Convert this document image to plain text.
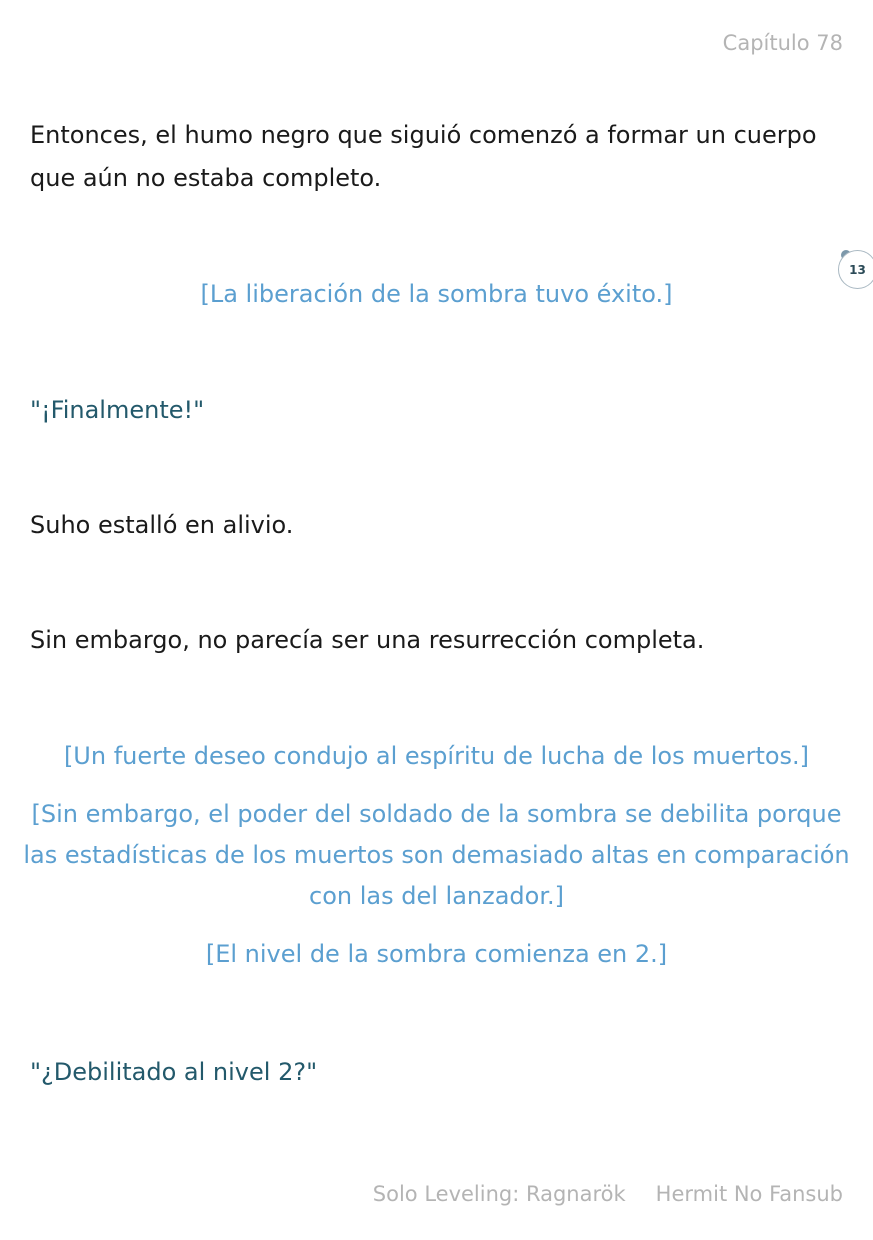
Capítulo 78

Entonces, el humo negro que siguió comenzó a formar un cuerpo que aún no estaba completo.

13

[La liberación de la sombra tuvo éxito.]

"¡Finalmente!"

Suho estalló en alivio.

Sin embargo, no parecía ser una resurrección completa.

[Un fuerte deseo condujo al espíritu de lucha de los muertos.]

[Sin embargo, el poder del soldado de la sombra se debilita porque las estadísticas de los muertos son demasiado altas en comparación con las del lanzador.]

[El nivel de la sombra comienza en 2.]

"¿Debilitado al nivel 2?"

Solo Leveling: Ragnarök Hermit No Fansub
